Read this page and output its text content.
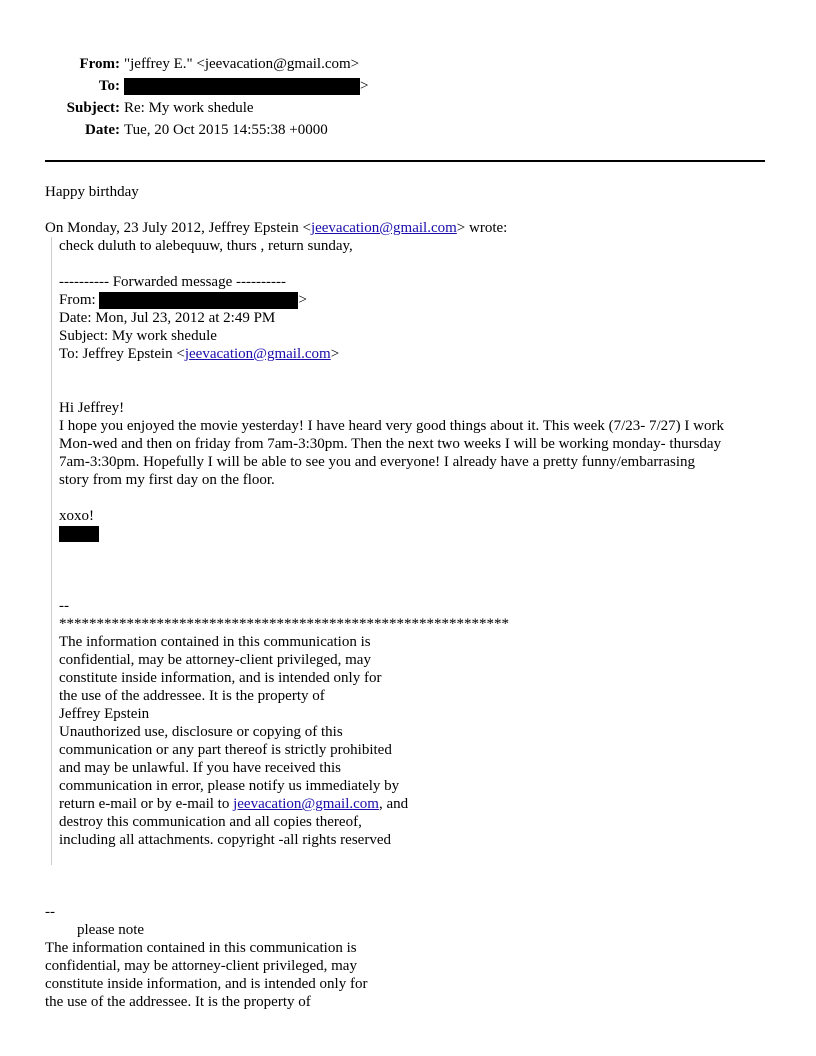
From: "jeffrey E." <jeevacation@gmail.com>
To:	>
Subject: Re: My work shedule
Date: Tue, 20 Oct 2015 14:55:38 +0000
Happy birthday
On Monday, 23 July 2012, Jeffrey Epstein <jeevacation@gmail.com> wrote:
check duluth to alebequuw, thurs , return sunday,
---------- Forwarded message ----------
From:	>
Date: Mon, Jul 23, 2012 at 2:49 PM
Subject: My work shedule
To: Jeffrey Epstein <jeevacation@gmail.com>
Hi Jeffrey!
I hope you enjoyed the movie yesterday! I have heard very good things about it. This week (7/23- 7/27) I work
Mon-wed and then on friday from 7am-3:30pm. Then the next two weeks I will be working monday- thursday
7am-3:30pm. Hopefully I will be able to see you and everyone! I already have a pretty funny/embarrasing
story from my first day on the floor.
xoxo!
--
************************************************************
The information contained in this communication is
confidential, may be attorney-client privileged, may
constitute inside information, and is intended only for
the use of the addressee. It is the property of
Jeffrey Epstein
Unauthorized use, disclosure or copying of this
communication or any part thereof is strictly prohibited
and may be unlawful. If you have received this
communication in error, please notify us immediately by
return e-mail or by e-mail to jeevacation@gmail.com, and
destroy this communication and all copies thereof,
including all attachments. copyright -all rights reserved
--
please note
The information contained in this communication is
confidential, may be attorney-client privileged, may
constitute inside information, and is intended only for
the use of the addressee. It is the property of
